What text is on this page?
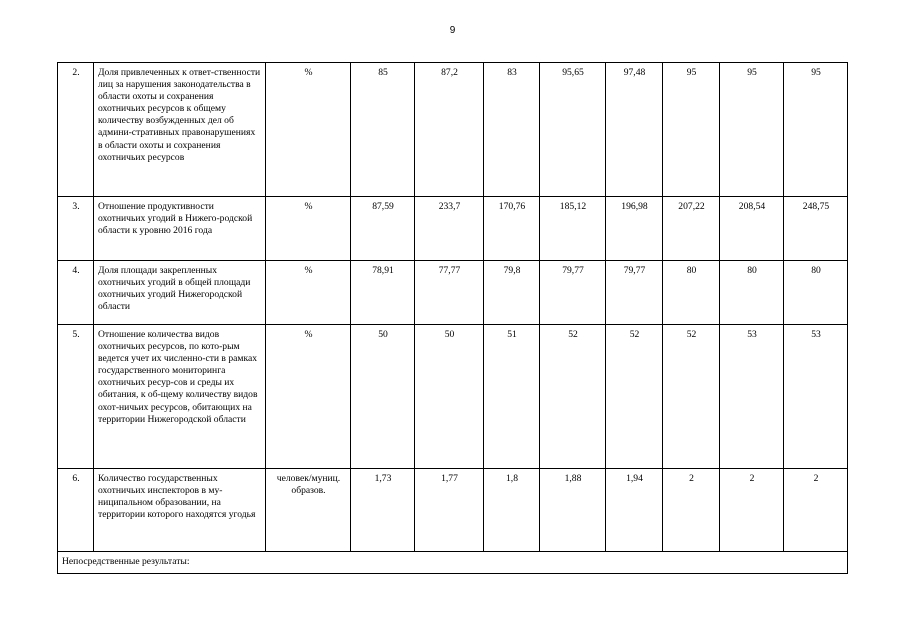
9
2.	Доля привлеченных к ответ-ственности лиц за нарушения законодательства в области охоты и сохранения охотничьих ресурсов к общему количеству возбужденных дел об админи-стративных правонарушениях в области охоты и сохранения охотничьих ресурсов	%	85	87,2	83	95,65	97,48	95	95	95
3.	Отношение продуктивности охотничьих угодий в Нижего-родской области к уровню 2016 года	%	87,59	233,7	170,76	185,12	196,98	207,22	208,54	248,75
4.	Доля площади закрепленных охотничьих угодий в общей площади охотничьих угодий Нижегородской области	%	78,91	77,77	79,8	79,77	79,77	80	80	80
5.	Отношение количества видов охотничьих ресурсов, по кото-рым ведется учет их численно-сти в рамках государственного мониторинга охотничьих ресур-сов и среды их обитания, к об-щему количеству видов охот-ничьих ресурсов, обитающих на территории Нижегородской области	%	50	50	51	52	52	52	53	53
6.	Количество государственных охотничьих инспекторов в му-ниципальном образовании, на территории которого находятся угодья	человек/муниц. образов.	1,73	1,77	1,8	1,88	1,94	2	2	2
Непосредственные результаты:										
